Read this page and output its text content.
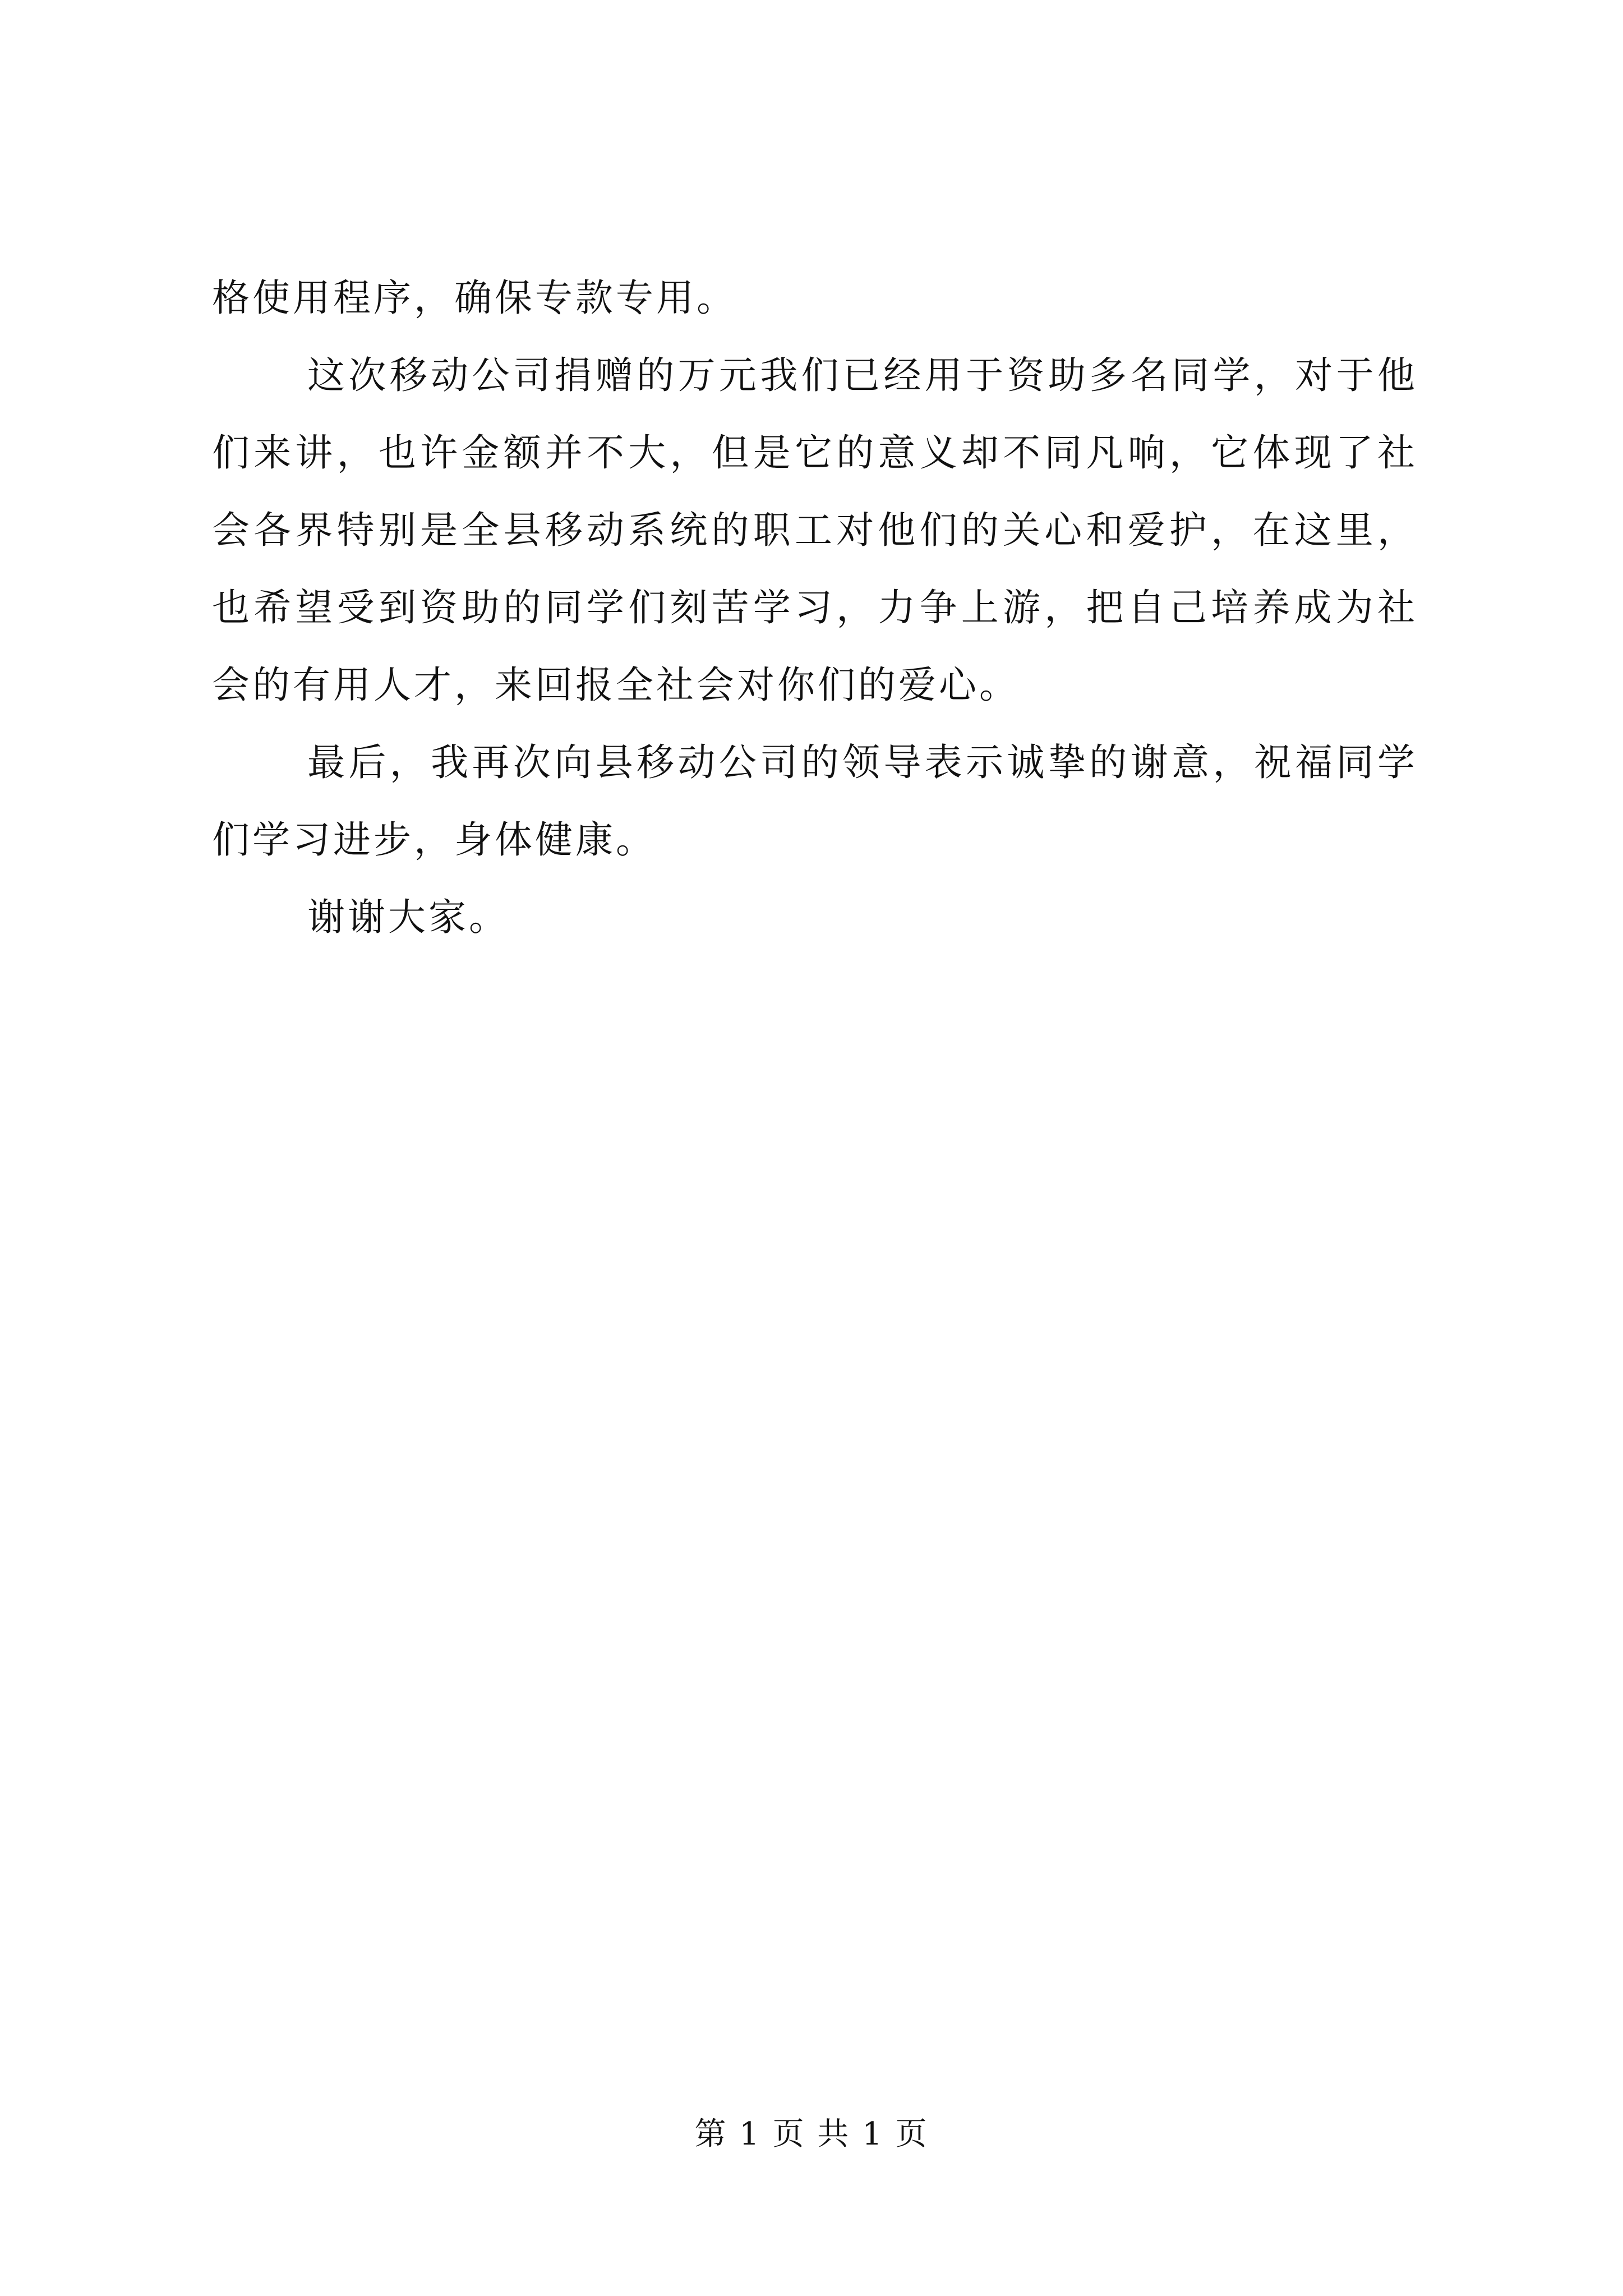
格使用程序，确保专款专用。

这次移动公司捐赠的万元我们已经用于资助多名同学，对于他们来讲，也许金额并不大，但是它的意义却不同凡响，它体现了社会各界特别是全县移动系统的职工对他们的关心和爱护，在这里，也希望受到资助的同学们刻苦学习，力争上游，把自己培养成为社会的有用人才，来回报全社会对你们的爱心。

最后，我再次向县移动公司的领导表示诚挚的谢意，祝福同学们学习进步，身体健康。

谢谢大家。

第 1 页 共 1 页
